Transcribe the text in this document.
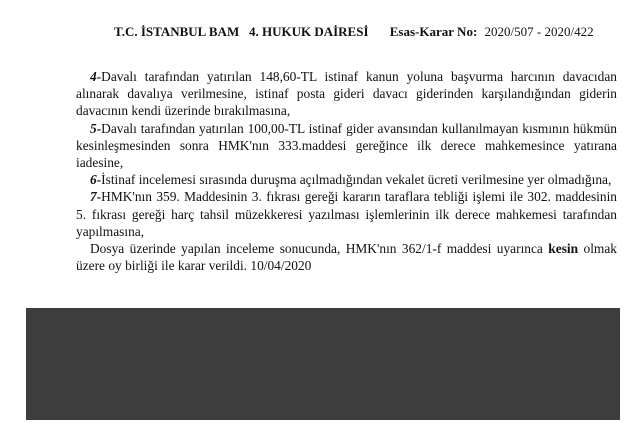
T.C. İSTANBUL BAM   4. HUKUK DAİRESİ Esas-Karar No: 2020/507 - 2020/422

4-Davalı tarafından yatırılan 148,60-TL istinaf kanun yoluna başvurma harcının davacıdan alınarak davalıya verilmesine, istinaf posta gideri davacı giderinden karşılandığından giderin davacının kendi üzerinde bırakılmasına,

5-Davalı tarafından yatırılan 100,00-TL istinaf gider avansından kullanılmayan kısmının hükmün kesinleşmesinden sonra HMK'nın 333.maddesi gereğince ilk derece mahkemesince yatırana iadesine,

6-İstinaf incelemesi sırasında duruşma açılmadığından vekalet ücreti verilmesine yer olmadığına,

7-HMK'nın 359. Maddesinin 3. fıkrası gereği kararın taraflara tebliği işlemi ile 302. maddesinin 5. fıkrası gereği harç tahsil müzekkeresi yazılması işlemlerinin ilk derece mahkemesi tarafından yapılmasına,

Dosya üzerinde yapılan inceleme sonucunda, HMK'nın 362/1-f maddesi uyarınca kesin olmak üzere oy birliği ile karar verildi. 10/04/2020
